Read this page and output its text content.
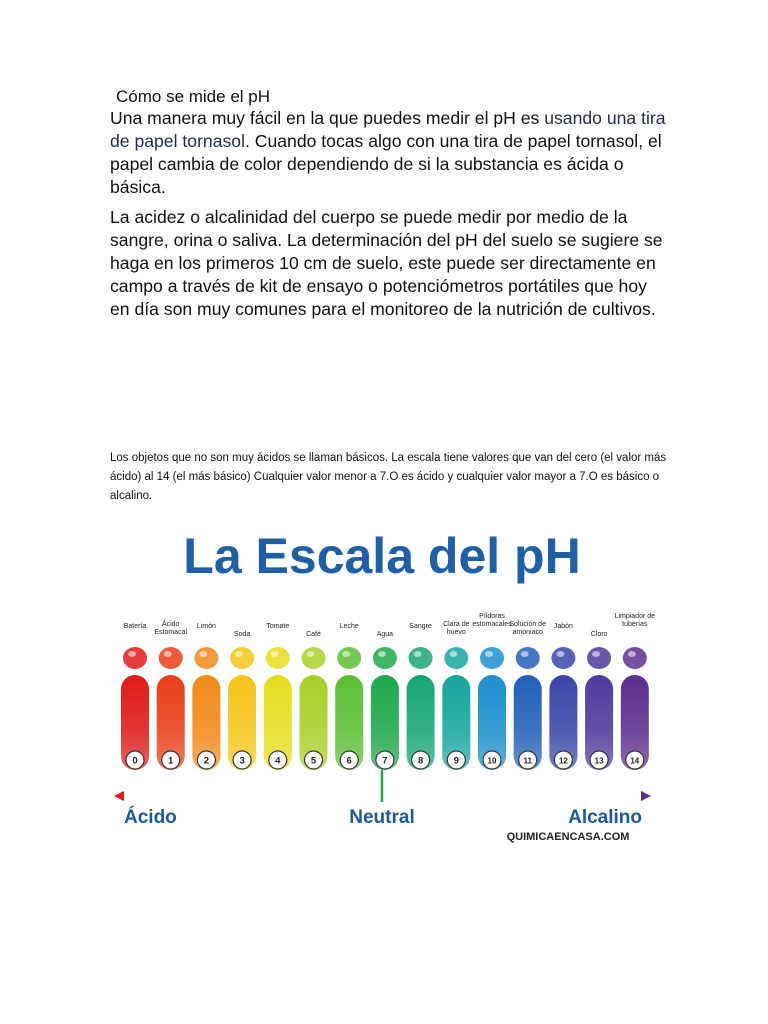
Cómo se mide el pH

Una manera muy fácil en la que puedes medir el pH es usando una tira de papel tornasol. Cuando tocas algo con una tira de papel tornasol, el papel cambia de color dependiendo de si la substancia es ácida o básica.

La acidez o alcalinidad del cuerpo se puede medir por medio de la sangre, orina o saliva. La determinación del pH del suelo se sugiere se haga en los primeros 10 cm de suelo, este puede ser directamente en campo a través de kit de ensayo o potenciómetros portátiles que hoy en día son muy comunes para el monitoreo de la nutrición de cultivos.

Los objetos que no son muy ácidos se llaman básicos. La escala tiene valores que van del cero (el valor más ácido) al 14 (el más básico) Cualquier valor menor a 7.O es ácido y cualquier valor mayor a 7.O es básico o alcalino.

La Escala del pH
Batería
0
Ácido Estomacal
1
Limón
2
Soda
3
Tomate
4
Café
5
Leche
6
Agua
7
Sangre
8
Clara de huevo
9
Píldoras estomacales
10
Solución de amoniaco
11
Jabón
12
Cloro
13
Limpiador de tuberías
14
Ácido	Neutral	Alcalino
QUIMICAENCASA.COM
